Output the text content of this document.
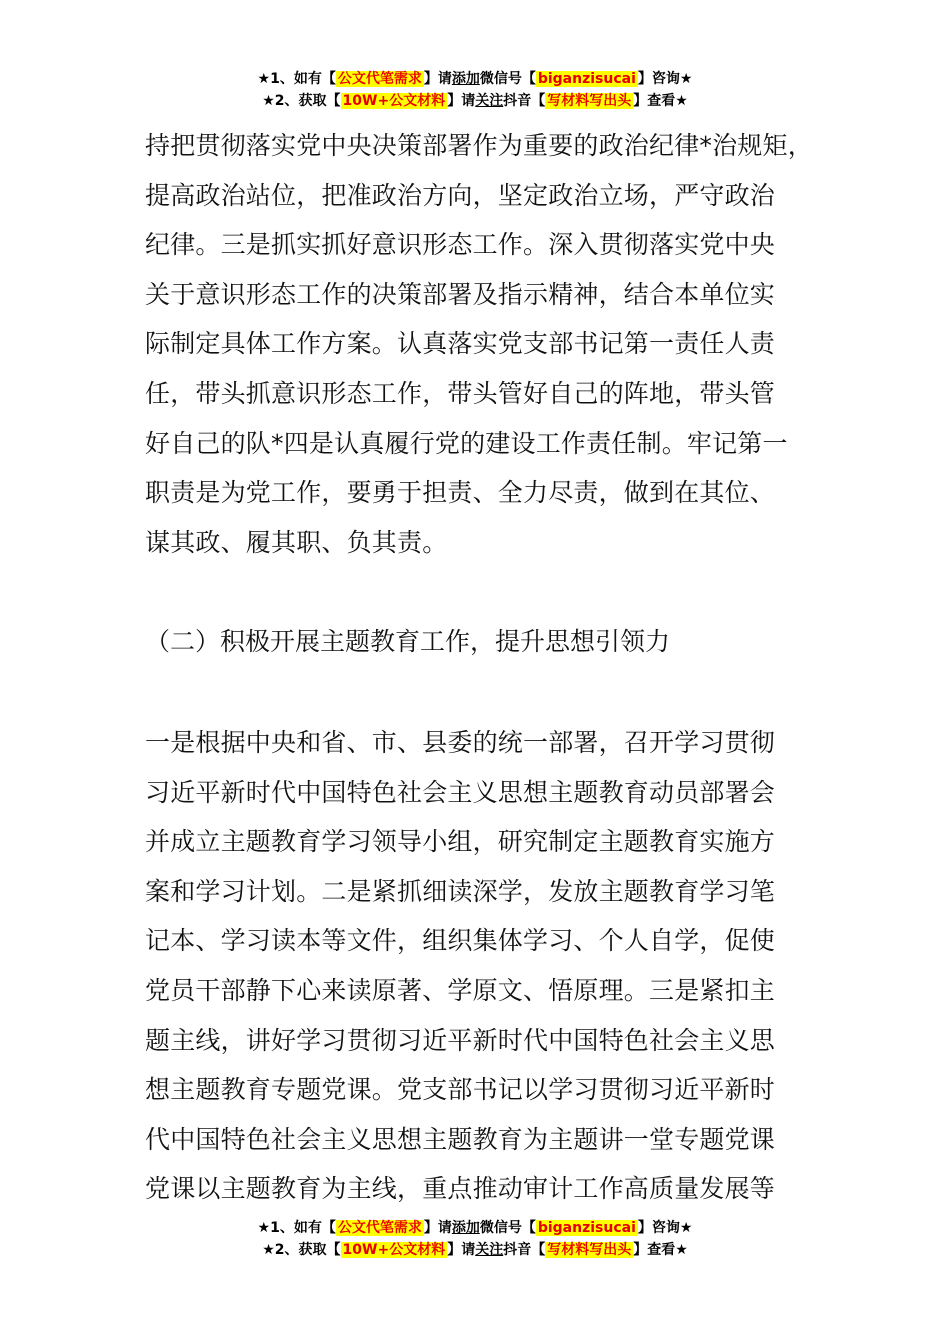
★1、如有【 公文代笔需求 】请添加微信号【 biganzisucai 】咨询★
★2、获取【 10W+公文材料 】请关注抖音【 写材料写出头 】查看★

持把贯彻落实党中央决策部署作为重要的政治纪律*治规矩，

提高政治站位，把准政治方向，坚定政治立场，严守政治

纪律。三是抓实抓好意识形态工作。深入贯彻落实党中央

关于意识形态工作的决策部署及指示精神，结合本单位实

际制定具体工作方案。认真落实党支部书记第一责任人责

任，带头抓意识形态工作，带头管好自己的阵地，带头管

好自己的队*四是认真履行党的建设工作责任制。牢记第一

职责是为党工作，要勇于担责、全力尽责，做到在其位、

谋其政、履其职、负其责。

（二）积极开展主题教育工作，提升思想引领力

一是根据中央和省、市、县委的统一部署，召开学习贯彻

习近平新时代中国特色社会主义思想主题教育动员部署会

并成立主题教育学习领导小组，研究制定主题教育实施方

案和学习计划。二是紧抓细读深学，发放主题教育学习笔

记本、学习读本等文件，组织集体学习、个人自学，促使

党员干部静下心来读原著、学原文、悟原理。三是紧扣主

题主线，讲好学习贯彻习近平新时代中国特色社会主义思

想主题教育专题党课。党支部书记以学习贯彻习近平新时

代中国特色社会主义思想主题教育为主题讲一堂专题党课

党课以主题教育为主线，重点推动审计工作高质量发展等

★1、如有【 公文代笔需求 】请添加微信号【 biganzisucai 】咨询★
★2、获取【 10W+公文材料 】请关注抖音【 写材料写出头 】查看★
